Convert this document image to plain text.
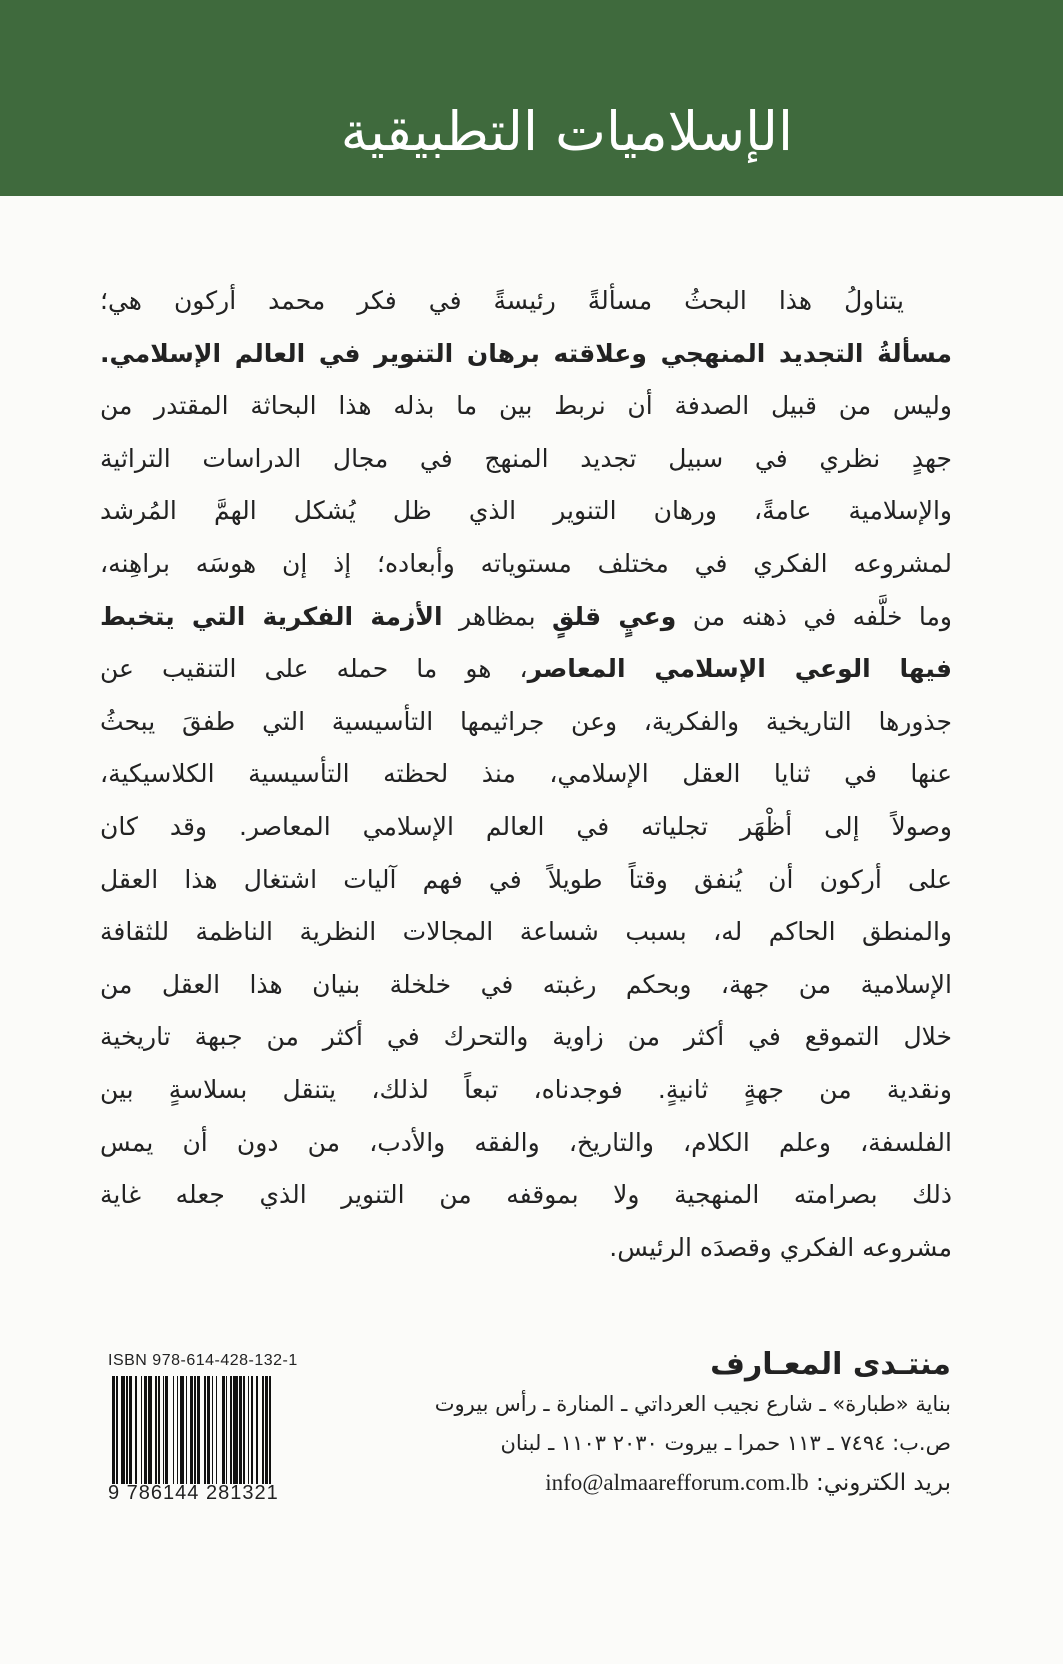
الإسلاميات التطبيقية
يتناولُ هذا البحثُ مسألةً رئيسةً في فكر محمد أركون هي؛
مسألةُ التجديد المنهجي وعلاقته برهان التنوير في العالم الإسلامي.
وليس من قبيل الصدفة أن نربط بين ما بذله هذا البحاثة المقتدر من
جهدٍ نظري في سبيل تجديد المنهج في مجال الدراسات التراثية
والإسلامية عامةً، ورهان التنوير الذي ظل يُشكل الهمَّ المُرشد
لمشروعه الفكري في مختلف مستوياته وأبعاده؛ إذ إن هوسَه براهِنه،
وما خلَّفه في ذهنه من وعيٍ قلقٍ بمظاهر الأزمة الفكرية التي يتخبط
فيها الوعي الإسلامي المعاصر، هو ما حمله على التنقيب عن
جذورها التاريخية والفكرية، وعن جراثيمها التأسيسية التي طفقَ يبحثُ
عنها في ثنايا العقل الإسلامي، منذ لحظته التأسيسية الكلاسيكية،
وصولاً إلى أظْهَر تجلياته في العالم الإسلامي المعاصر. وقد كان
على أركون أن يُنفق وقتاً طويلاً في فهم آليات اشتغال هذا العقل
والمنطق الحاكم له، بسبب شساعة المجالات النظرية الناظمة للثقافة
الإسلامية من جهة، وبحكم رغبته في خلخلة بنيان هذا العقل من
خلال التموقع في أكثر من زاوية والتحرك في أكثر من جبهة تاريخية
ونقدية من جهةٍ ثانيةٍ. فوجدناه، تبعاً لذلك، يتنقل بسلاسةٍ بين
الفلسفة، وعلم الكلام، والتاريخ، والفقه والأدب، من دون أن يمس
ذلك بصرامته المنهجية ولا بموقفه من التنوير الذي جعله غاية
مشروعه الفكري وقصدَه الرئيس.
منتـدى المعـارف
بناية «طبارة» ـ شارع نجيب العرداتي ـ المنارة ـ رأس بيروت
ص.ب: ٧٤٩٤ ـ ١١٣ حمرا ـ بيروت ٢٠٣٠ ١١٠٣ ـ لبنان
بريد الكتروني: info@almaarefforum.com.lb
ISBN 978-614-428-132-1
9 786144 281321
